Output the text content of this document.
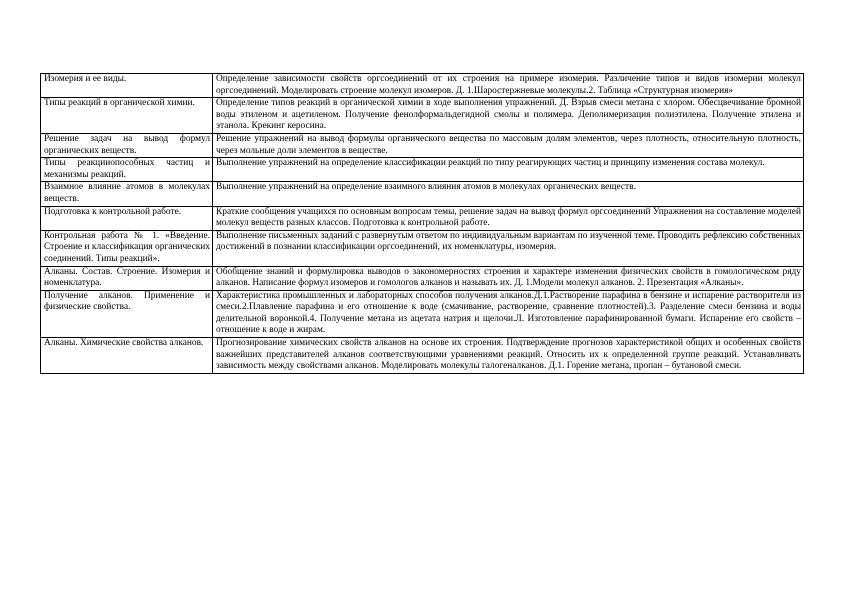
Изомерия и ее виды.	Определение зависимости свойств оргсоединений от их строения на примере изомерия. Различение типов и видов изомерии молекул оргсоединений. Моделировать строение молекул изомеров. Д. 1.Шаростержневые молекулы.2. Таблица «Структурная изомерия»

Типы реакций в органической химии.	Определение типов реакций в органической химии в ходе выполнения упражнений. Д. Взрыв смеси метана с хлором. Обесцвечивание бромной воды этиленом и ацетиленом. Получение фенолформальдегидной смолы и полимера. Деполимеризация полиэтилена. Получение этилена и этанола. Крекинг керосина.

Решение задач на вывод формул органических веществ.	Решение упражнений на вывод формулы органического вещества по массовым долям элементов, через плотность, относительную плотность, через мольные доли элементов в веществе.

Типы реакцииопособных частиц и механизмы реакций.	Выполнение упражнений на определение классификации реакций по типу реагирующих частиц и принципу изменения состава молекул.

Взаимное влияние атомов в молекулах веществ.	Выполнение упражнений на определение взаимного влияния атомов в молекулах органических веществ.

Подготовка к контрольной работе.	Краткие сообщения учащихся по основным вопросам темы, решение задач на вывод формул оргсоединений Упражнения на составление моделей молекул веществ разных классов. Подготовка к контрольной работе.

Контрольная работа № 1. «Введение. Строение и классификация органических соединений. Типы реакций».	Выполнение письменных заданий с развернутым ответом по индивидуальным вариантам по изученной теме. Проводить рефлексию собственных достижений в познании классификации оргсоединений, их номенклатуры, изомерия.

Алканы. Состав. Строение. Изомерия и номенклатура.	Обобщение знаний и формулировка выводов о закономерностях строения и характере изменения физических свойств в гомологическом ряду алканов. Написание формул изомеров и гомологов алканов и называть их. Д. 1.Модели молекул алканов. 2. Презентация «Алканы».

Получение алканов. Применение и физические свойства.	Характеристика промышленных и лабораторных способов получения алканов.Д.1.Растворение парафина в бензине и испарение растворителя из смеси.2.Плавление парафина и его отношение к воде (смачивание, растворение, сравнение плотностей).3. Разделение смеси бензина и воды делительной воронкой.4. Получение метана из ацетата натрия и щелочи.Л. Изготовление парафинированной бумаги. Испарение его свойств – отношение к воде и жирам.

Алканы. Химические свойства алканов.	Прогнозирование химических свойств алканов на основе их строения. Подтверждение прогнозов характеристикой общих и особенных свойств важнейших представителей алканов соответствующими уравнениями реакций. Относить их к определенной группе реакций. Устанавливать зависимость между свойствами алканов. Моделировать молекулы галогеналканов. Д.1. Горение метана, пропан – бутановой смеси.
